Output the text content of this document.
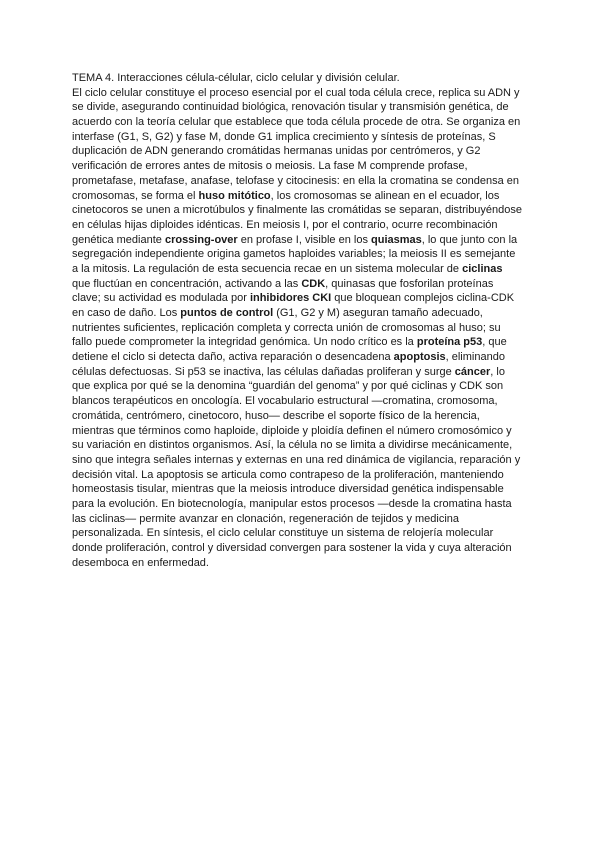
TEMA 4. Interacciones célula-célular, ciclo celular y división celular.
El ciclo celular constituye el proceso esencial por el cual toda célula crece, replica su ADN y
se divide, asegurando continuidad biológica, renovación tisular y transmisión genética, de
acuerdo con la teoría celular que establece que toda célula procede de otra. Se organiza en
interfase (G1, S, G2) y fase M, donde G1 implica crecimiento y síntesis de proteínas, S
duplicación de ADN generando cromátidas hermanas unidas por centrómeros, y G2
verificación de errores antes de mitosis o meiosis. La fase M comprende profase,
prometafase, metafase, anafase, telofase y citocinesis: en ella la cromatina se condensa en
cromosomas, se forma el huso mitótico, los cromosomas se alinean en el ecuador, los
cinetocoros se unen a microtúbulos y finalmente las cromátidas se separan, distribuyéndose
en células hijas diploides idénticas. En meiosis I, por el contrario, ocurre recombinación
genética mediante crossing-over en profase I, visible en los quiasmas, lo que junto con la
segregación independiente origina gametos haploides variables; la meiosis II es semejante
a la mitosis. La regulación de esta secuencia recae en un sistema molecular de ciclinas
que fluctúan en concentración, activando a las CDK, quinasas que fosforilan proteínas
clave; su actividad es modulada por inhibidores CKI que bloquean complejos ciclina-CDK
en caso de daño. Los puntos de control (G1, G2 y M) aseguran tamaño adecuado,
nutrientes suficientes, replicación completa y correcta unión de cromosomas al huso; su
fallo puede comprometer la integridad genómica. Un nodo crítico es la proteína p53, que
detiene el ciclo si detecta daño, activa reparación o desencadena apoptosis, eliminando
células defectuosas. Si p53 se inactiva, las células dañadas proliferan y surge cáncer, lo
que explica por qué se la denomina “guardián del genoma” y por qué ciclinas y CDK son
blancos terapéuticos en oncología. El vocabulario estructural —cromatina, cromosoma,
cromátida, centrómero, cinetocoro, huso— describe el soporte físico de la herencia,
mientras que términos como haploide, diploide y ploidía definen el número cromosómico y
su variación en distintos organismos. Así, la célula no se limita a dividirse mecánicamente,
sino que integra señales internas y externas en una red dinámica de vigilancia, reparación y
decisión vital. La apoptosis se articula como contrapeso de la proliferación, manteniendo
homeostasis tisular, mientras que la meiosis introduce diversidad genética indispensable
para la evolución. En biotecnología, manipular estos procesos —desde la cromatina hasta
las ciclinas— permite avanzar en clonación, regeneración de tejidos y medicina
personalizada. En síntesis, el ciclo celular constituye un sistema de relojería molecular
donde proliferación, control y diversidad convergen para sostener la vida y cuya alteración
desemboca en enfermedad.
